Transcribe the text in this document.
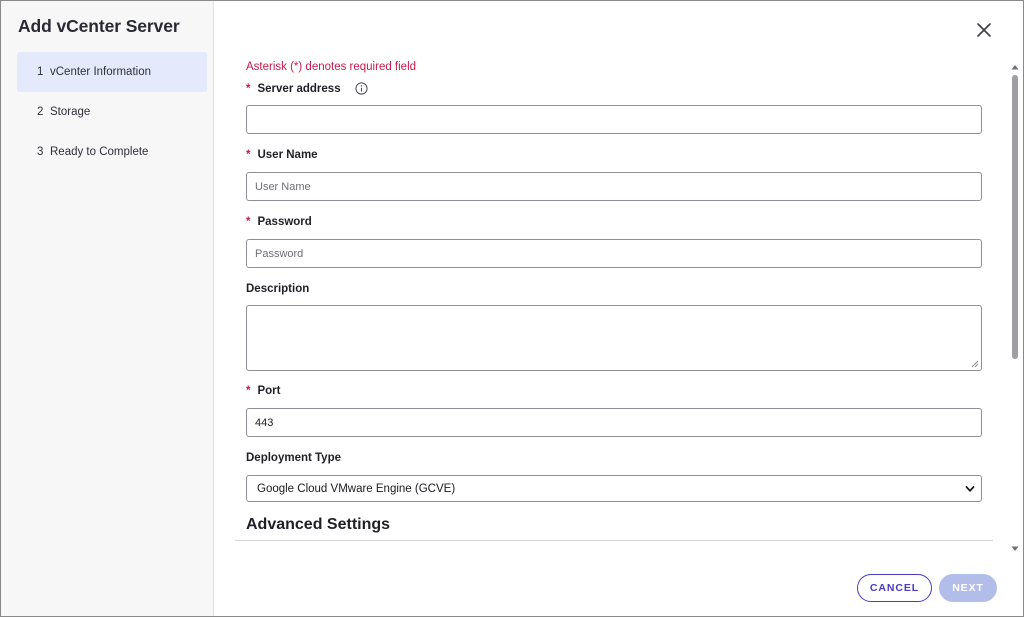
Add vCenter Server
1 vCenter Information
2 Storage
3 Ready to Complete
Asterisk (*) denotes required field
* Server address
* User Name
User Name
* Password
Description
* Port
443
Deployment Type
Google Cloud VMware Engine (GCVE)
Advanced Settings
CANCEL	NEXT
